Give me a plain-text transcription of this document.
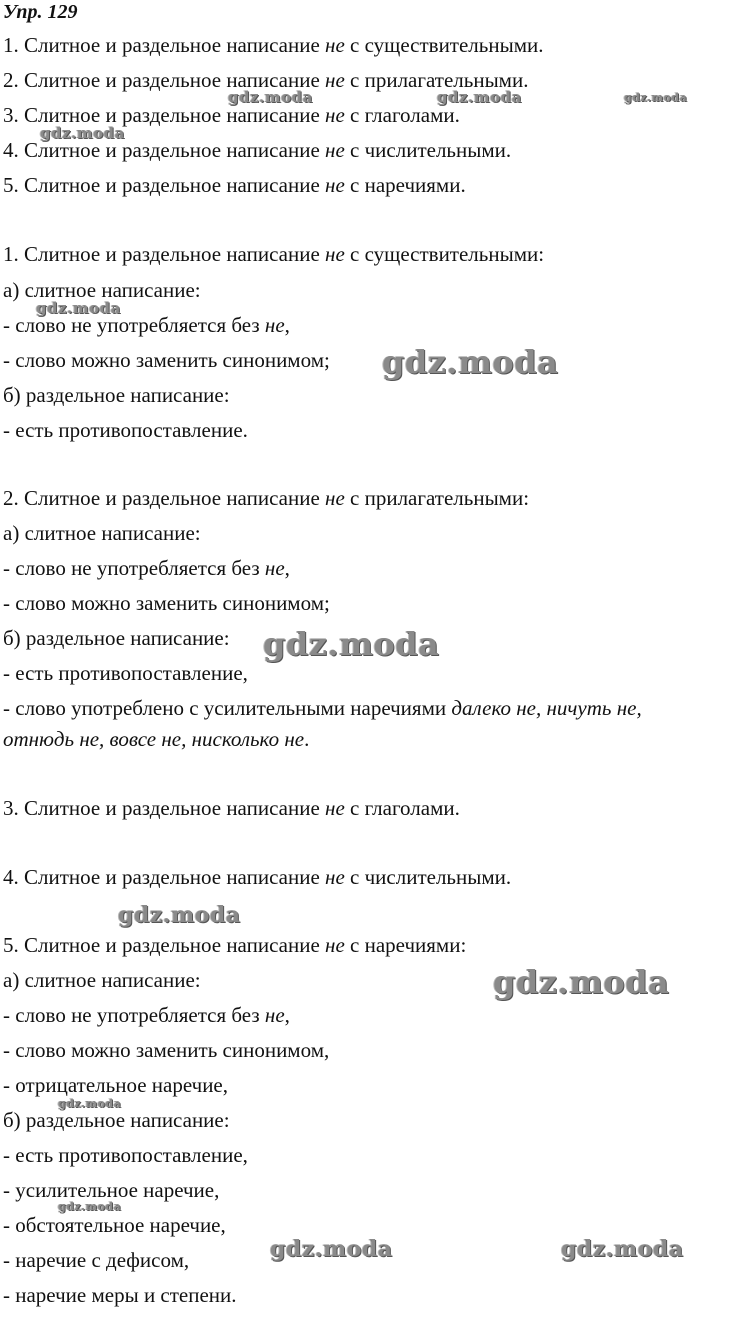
Упр. 129
1. Слитное и раздельное написание не с существительными.
2. Слитное и раздельное написание не с прилагательными.
3. Слитное и раздельное написание не с глаголами.
4. Слитное и раздельное написание не с числительными.
5. Слитное и раздельное написание не с наречиями.
1. Слитное и раздельное написание не с существительными:
а) слитное написание:
- слово не употребляется без не,
- слово можно заменить синонимом;
б) раздельное написание:
- есть противопоставление.
2. Слитное и раздельное написание не с прилагательными:
а) слитное написание:
- слово не употребляется без не,
- слово можно заменить синонимом;
б) раздельное написание:
- есть противопоставление,
- слово употреблено с усилительными наречиями далеко не, ничуть не,
отнюдь не, вовсе не, нисколько не.
3. Слитное и раздельное написание не с глаголами.
4. Слитное и раздельное написание не с числительными.
5. Слитное и раздельное написание не с наречиями:
а) слитное написание:
- слово не употребляется без не,
- слово можно заменить синонимом,
- отрицательное наречие,
б) раздельное написание:
- есть противопоставление,
- усилительное наречие,
- обстоятельное наречие,
- наречие с дефисом,
- наречие меры и степени.
gdz.moda	gdz.moda	gdz.moda
gdz.moda
gdz.moda
gdz.moda
gdz.moda
gdz.moda
gdz.moda
gdz.moda
gdz.moda
gdz.moda	gdz.moda
